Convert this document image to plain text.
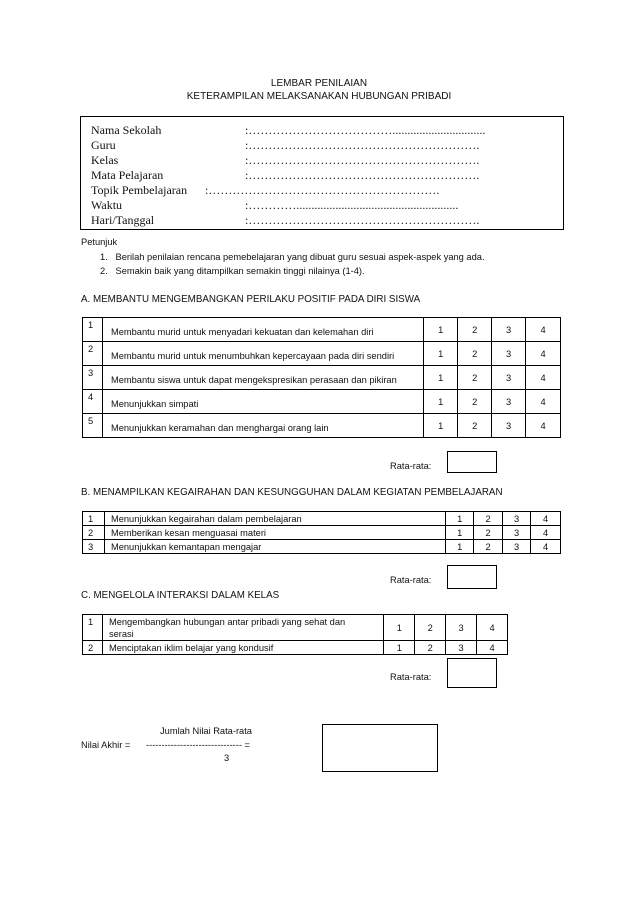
LEMBAR PENILAIAN
KETERAMPILAN MELAKSANAKAN HUBUNGAN PRIBADI
Nama Sekolah	:………………………………...............................
Guru	:………………………………………………….
Kelas	:………………………………………………….
Mata Pelajaran	:………………………………………………….
Topik Pembelajaran :………………………………………………….
Waktu	:…………......................................................
Hari/Tanggal	:………………………………………………….
Petunjuk
1.   Berilah penilaian rencana pemebelajaran yang dibuat guru sesuai aspek-aspek yang ada.
2.   Semakin baik yang ditampilkan semakin tinggi nilainya (1-4).
A. MEMBANTU MENGEMBANGKAN PERILAKU POSITIF PADA DIRI SISWA
1	Membantu murid untuk menyadari kekuatan dan kelemahan diri	1	2	3	4
2	Membantu murid untuk menumbuhkan kepercayaan pada diri sendiri	1	2	3	4
3	Membantu siswa untuk dapat mengekspresikan perasaan dan pikiran	1	2	3	4
4	Menunjukkan simpati	1	2	3	4
5	Menunjukkan keramahan dan menghargai orang lain	1	2	3	4
Rata-rata:
B. MENAMPILKAN KEGAIRAHAN DAN KESUNGGUHAN DALAM KEGIATAN PEMBELAJARAN
1	Menunjukkan kegairahan dalam pembelajaran	1	2	3	4
2	Memberikan kesan menguasai materi	1	2	3	4
3	Menunjukkan kemantapan mengajar	1	2	3	4
Rata-rata:
C. MENGELOLA INTERAKSI DALAM KELAS
1	Mengembangkan hubungan antar pribadi yang sehat dan serasi	1	2	3	4
2	Menciptakan iklim belajar yang kondusif	1	2	3	4
Rata-rata:
Jumlah Nilai Rata-rata
Nilai Akhir = ------------------------------- =
3
